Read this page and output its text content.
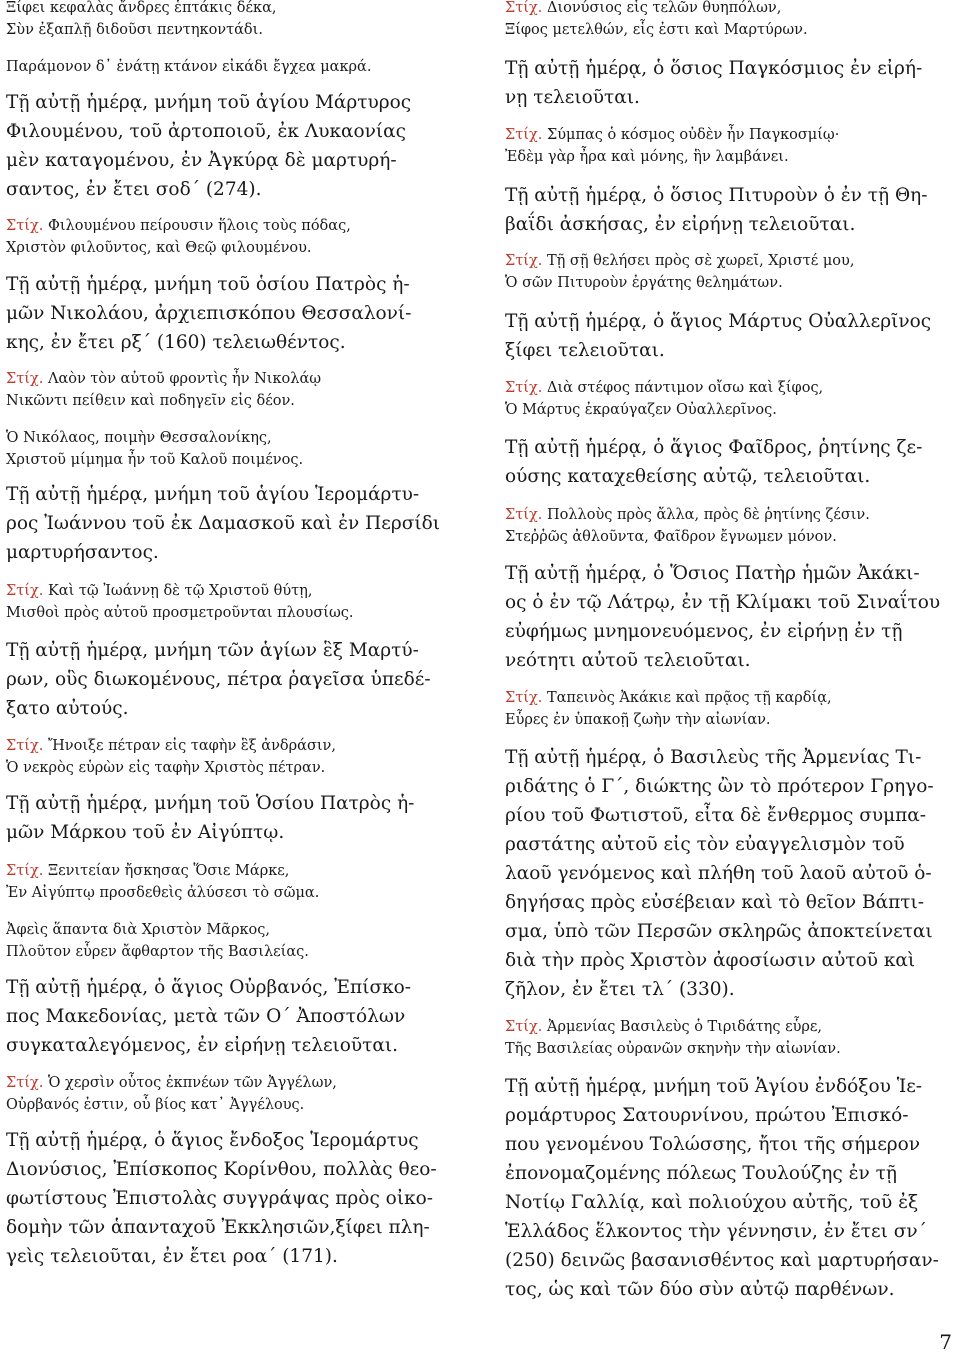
Ξίφει κεφαλὰς ἄνδρες ἑπτάκις δέκα,
Σὺν ἐξαπλῇ διδοῦσι πεντηκοντάδι.
Παράμονον δ᾽ ἐνάτῃ κτάνον εἰκάδι ἔγχεα μακρά.
Τῇ αὐτῇ ἡμέρᾳ, μνήμη τοῦ ἁγίου Μάρτυρος
Φιλουμένου, τοῦ ἀρτοποιοῦ, ἐκ Λυκαονίας
μὲν καταγομένου, ἐν Ἀγκύρᾳ δὲ μαρτυρή-
σαντος, ἐν ἔτει σοδ´ (274).
Στίχ. Φιλουμένου πείρουσιν ἥλοις τοὺς πόδας,
Χριστὸν φιλοῦντος, καὶ Θεῷ φιλουμένου.
Τῇ αὐτῇ ἡμέρᾳ, μνήμη τοῦ ὁσίου Πατρὸς ἡ-
μῶν Νικολάου, ἀρχιεπισκόπου Θεσσαλονί-
κης, ἐν ἔτει ρξ´ (160) τελειωθέντος.
Στίχ. Λαὸν τὸν αὐτοῦ φροντὶς ἦν Νικολάῳ
Νικῶντι πείθειν καὶ ποδηγεῖν εἰς δέον.
Ὁ Νικόλαος, ποιμὴν Θεσσαλονίκης,
Χριστοῦ μίμημα ἦν τοῦ Καλοῦ ποιμένος.
Τῇ αὐτῇ ἡμέρᾳ, μνήμη τοῦ ἁγίου Ἱερομάρτυ-
ρος Ἰωάννου τοῦ ἐκ Δαμασκοῦ καὶ ἐν Περσίδι
μαρτυρήσαντος.
Στίχ. Καὶ τῷ Ἰωάννῃ δὲ τῷ Χριστοῦ θύτῃ,
Μισθοὶ πρὸς αὐτοῦ προσμετροῦνται πλουσίως.
Τῇ αὐτῇ ἡμέρᾳ, μνήμη τῶν ἁγίων ἓξ Μαρτύ-
ρων, οὓς διωκομένους, πέτρα ῥαγεῖσα ὑπεδέ-
ξατο αὐτούς.
Στίχ. Ἤνοιξε πέτραν εἰς ταφὴν ἓξ ἀνδράσιν,
Ὁ νεκρὸς εὑρὼν εἰς ταφὴν Χριστὸς πέτραν.
Τῇ αὐτῇ ἡμέρᾳ, μνήμη τοῦ Ὁσίου Πατρὸς ἡ-
μῶν Μάρκου τοῦ ἐν Αἰγύπτῳ.
Στίχ. Ξενιτείαν ἤσκησας Ὅσιε Μάρκε,
Ἐν Αἰγύπτῳ προσδεθεὶς ἀλύσεσι τὸ σῶμα.
Ἀφεὶς ἅπαντα διὰ Χριστὸν Μᾶρκος,
Πλοῦτον εὗρεν ἄφθαρτον τῆς Βασιλείας.
Τῇ αὐτῇ ἡμέρᾳ, ὁ ἅγιος Οὐρβανός, Ἐπίσκο-
πος Μακεδονίας, μετὰ τῶν Ο´ Ἀποστόλων
συγκαταλεγόμενος, ἐν εἰρήνῃ τελειοῦται.
Στίχ. Ὁ χερσὶν οὗτος ἐκπνέων τῶν Ἀγγέλων,
Οὐρβανός ἐστιν, οὗ βίος κατ᾽ Ἀγγέλους.
Τῇ αὐτῇ ἡμέρᾳ, ὁ ἅγιος ἔνδοξος Ἱερομάρτυς
Διονύσιος, Ἐπίσκοπος Κορίνθου, πολλὰς θεο-
φωτίστους Ἐπιστολὰς συγγράψας πρὸς οἰκο-
δομὴν τῶν ἁπανταχοῦ Ἐκκλησιῶν,ξίφει πλη-
γεὶς τελειοῦται, ἐν ἔτει ροα´ (171).
Στίχ. Διονύσιος εἷς τελῶν θυηπόλων,
Ξίφος μετελθών, εἷς ἐστι καὶ Μαρτύρων.
Τῇ αὐτῇ ἡμέρᾳ, ὁ ὅσιος Παγκόσμιος ἐν εἰρή-
νῃ τελειοῦται.
Στίχ. Σύμπας ὁ κόσμος οὐδὲν ἦν Παγκοσμίῳ·
Ἐδὲμ γὰρ ἦρα καὶ μόνης, ἣν λαμβάνει.
Τῇ αὐτῇ ἡμέρᾳ, ὁ ὅσιος Πιτυροὺν ὁ ἐν τῇ Θη-
βαΐδι ἀσκήσας, ἐν εἰρήνῃ τελειοῦται.
Στίχ. Τῇ σῇ θελήσει πρὸς σὲ χωρεῖ, Χριστέ μου,
Ὁ σῶν Πιτυροὺν ἐργάτης θελημάτων.
Τῇ αὐτῇ ἡμέρᾳ, ὁ ἅγιος Μάρτυς Οὐαλλερῖνος
ξίφει τελειοῦται.
Στίχ. Διὰ στέφος πάντιμον οἴσω καὶ ξίφος,
Ὁ Μάρτυς ἐκραύγαζεν Οὐαλλερῖνος.
Τῇ αὐτῇ ἡμέρᾳ, ὁ ἅγιος Φαῖδρος, ῥητίνης ζε-
ούσης καταχεθείσης αὐτῷ, τελειοῦται.
Στίχ. Πολλοὺς πρὸς ἄλλα, πρὸς δὲ ῥητίνης ζέσιν.
Στεῤῥῶς ἀθλοῦντα, Φαῖδρον ἔγνωμεν μόνον.
Τῇ αὐτῇ ἡμέρᾳ, ὁ Ὅσιος Πατὴρ ἡμῶν Ἀκάκι-
ος ὁ ἐν τῷ Λάτρῳ, ἐν τῇ Κλίμακι τοῦ Σιναΐτου
εὐφήμως μνημονευόμενος, ἐν εἰρήνῃ ἐν τῇ
νεότητι αὐτοῦ τελειοῦται.
Στίχ. Ταπεινὸς Ἀκάκιε καὶ πρᾷος τῇ καρδίᾳ,
Εὗρες ἐν ὑπακοῇ ζωὴν τὴν αἰωνίαν.
Τῇ αὐτῇ ἡμέρᾳ, ὁ Βασιλεὺς τῆς Ἀρμενίας Τι-
ριδάτης ὁ Γ´, διώκτης ὢν τὸ πρότερον Γρηγο-
ρίου τοῦ Φωτιστοῦ, εἶτα δὲ ἔνθερμος συμπα-
ραστάτης αὐτοῦ εἰς τὸν εὐαγγελισμὸν τοῦ
λαοῦ γενόμενος καὶ πλήθη τοῦ λαοῦ αὐτοῦ ὁ-
δηγήσας πρὸς εὐσέβειαν καὶ τὸ θεῖον Βάπτι-
σμα, ὑπὸ τῶν Περσῶν σκληρῶς ἀποκτείνεται
διὰ τὴν πρὸς Χριστὸν ἀφοσίωσιν αὐτοῦ καὶ
ζῆλον, ἐν ἔτει τλ´ (330).
Στίχ. Ἀρμενίας Βασιλεὺς ὁ Τιριδάτης εὗρε,
Τῆς Βασιλείας οὐρανῶν σκηνὴν τὴν αἰωνίαν.
Τῇ αὐτῇ ἡμέρᾳ, μνήμη τοῦ Ἁγίου ἐνδόξου Ἱε-
ρομάρτυρος Σατουρνίνου, πρώτου Ἐπισκό-
που γενομένου Τολώσσης, ἤτοι τῆς σήμερον
ἐπονομαζομένης πόλεως Τουλούζης ἐν τῇ
Νοτίῳ Γαλλίᾳ, καὶ πολιούχου αὐτῆς, τοῦ ἐξ
Ἑλλάδος ἕλκοντος τὴν γέννησιν, ἐν ἔτει σν´
(250) δεινῶς βασανισθέντος καὶ μαρτυρήσαν-
τος, ὡς καὶ τῶν δύο σὺν αὐτῷ παρθένων.
7
